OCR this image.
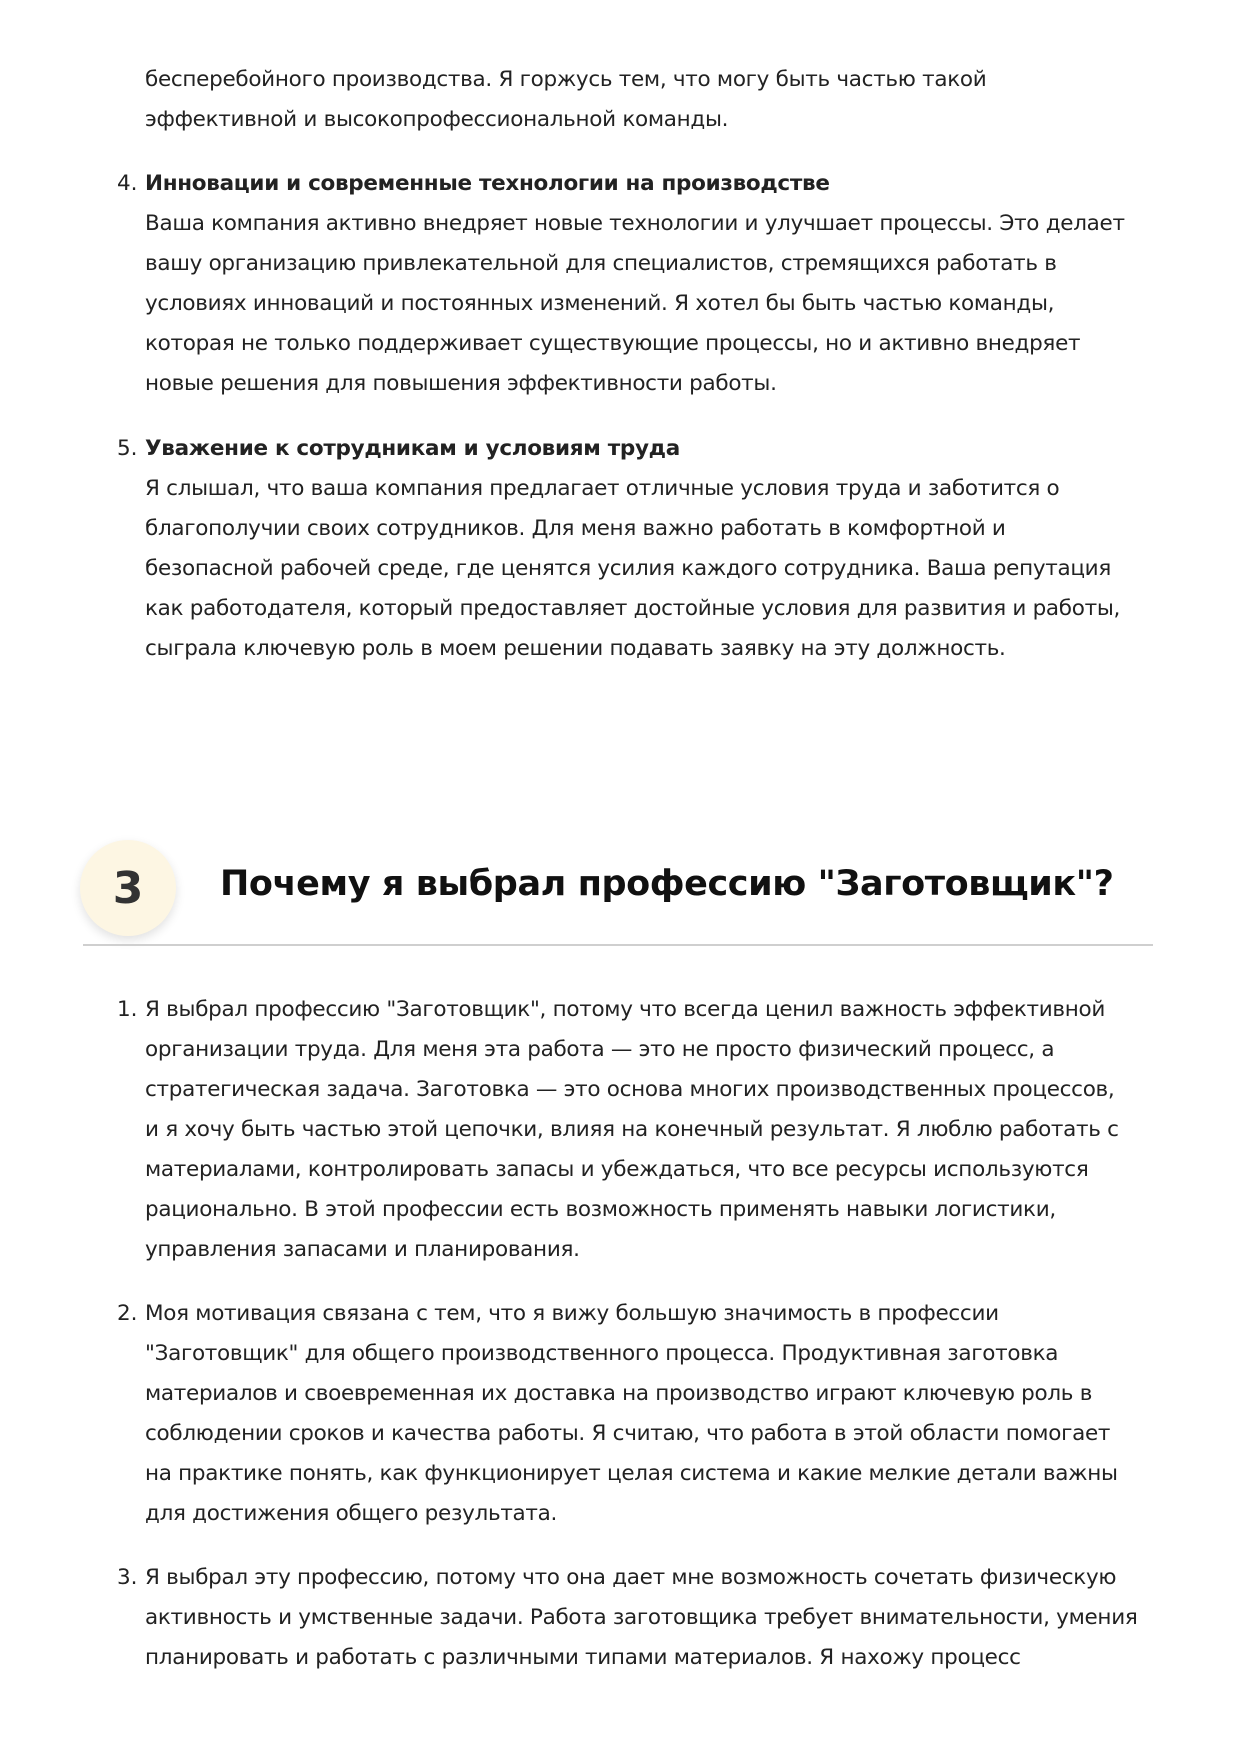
бесперебойного производства. Я горжусь тем, что могу быть частью такой
эффективной и высокопрофессиональной команды.
4. Инновации и современные технологии на производстве
Ваша компания активно внедряет новые технологии и улучшает процессы. Это делает
вашу организацию привлекательной для специалистов, стремящихся работать в
условиях инноваций и постоянных изменений. Я хотел бы быть частью команды,
которая не только поддерживает существующие процессы, но и активно внедряет
новые решения для повышения эффективности работы.
5. Уважение к сотрудникам и условиям труда
Я слышал, что ваша компания предлагает отличные условия труда и заботится о
благополучии своих сотрудников. Для меня важно работать в комфортной и
безопасной рабочей среде, где ценятся усилия каждого сотрудника. Ваша репутация
как работодателя, который предоставляет достойные условия для развития и работы,
сыграла ключевую роль в моем решении подавать заявку на эту должность.
3	Почему я выбрал профессию "Заготовщик"?
1. Я выбрал профессию "Заготовщик", потому что всегда ценил важность эффективной
организации труда. Для меня эта работа — это не просто физический процесс, а
стратегическая задача. Заготовка — это основа многих производственных процессов,
и я хочу быть частью этой цепочки, влияя на конечный результат. Я люблю работать с
материалами, контролировать запасы и убеждаться, что все ресурсы используются
рационально. В этой профессии есть возможность применять навыки логистики,
управления запасами и планирования.
2. Моя мотивация связана с тем, что я вижу большую значимость в профессии
"Заготовщик" для общего производственного процесса. Продуктивная заготовка
материалов и своевременная их доставка на производство играют ключевую роль в
соблюдении сроков и качества работы. Я считаю, что работа в этой области помогает
на практике понять, как функционирует целая система и какие мелкие детали важны
для достижения общего результата.
3. Я выбрал эту профессию, потому что она дает мне возможность сочетать физическую
активность и умственные задачи. Работа заготовщика требует внимательности, умения
планировать и работать с различными типами материалов. Я нахожу процесс
